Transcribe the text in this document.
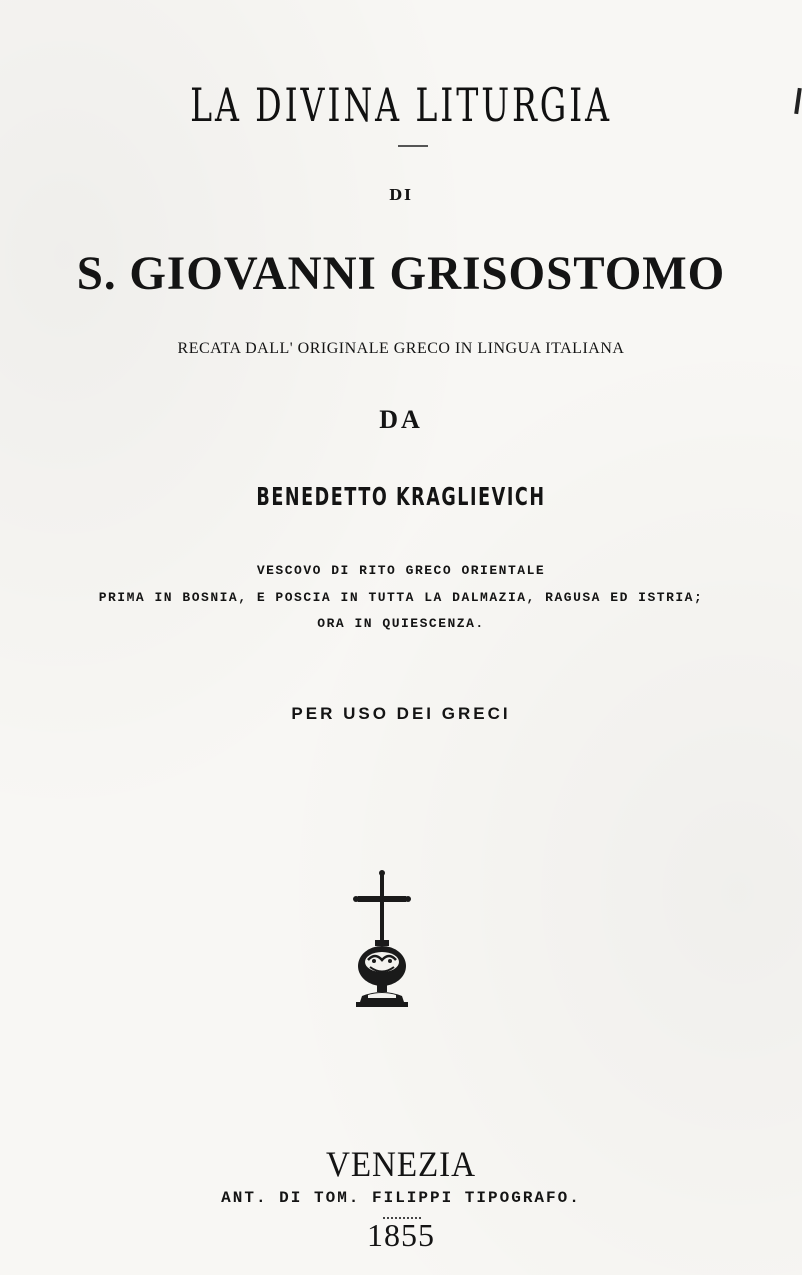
LA DIVINA LITURGIA

DI

S. GIOVANNI GRISOSTOMO

RECATA DALL' ORIGINALE GRECO IN LINGUA ITALIANA

DA

BENEDETTO KRAGLIEVICH

VESCOVO DI RITO GRECO ORIENTALE

PRIMA IN BOSNIA, E POSCIA IN TUTTA LA DALMAZIA, RAGUSA ED ISTRIA;

ORA IN QUIESCENZA.

PER USO DEI GRECI

VENEZIA

ANT. DI TOM. FILIPPI TIPOGRAFO.

1855
